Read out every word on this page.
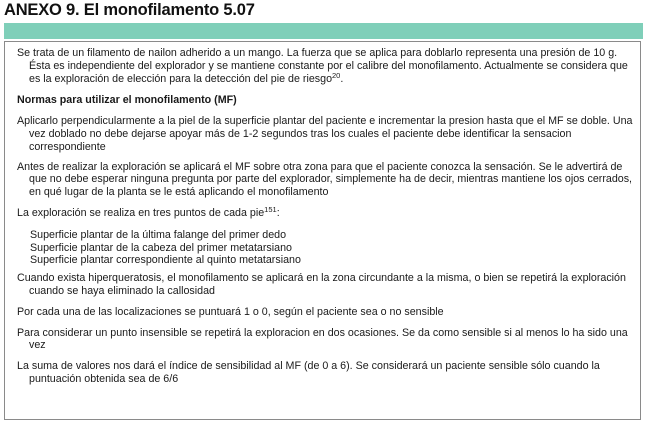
ANEXO 9. El monofilamento 5.07

Se trata de un filamento de nailon adherido a un mango. La fuerza que se aplica para doblarlo representa una presión de 10 g. Ésta es independiente del explorador y se mantiene constante por el calibre del monofilamento. Actualmente se considera que es la exploración de elección para la detección del pie de riesgo$^{20}$.

Normas para utilizar el monofilamento (MF)

Aplicarlo perpendicularmente a la piel de la superficie plantar del paciente e incrementar la presion hasta que el MF se doble. Una vez doblado no debe dejarse apoyar más de 1-2 segundos tras los cuales el paciente debe identificar la sensacion correspondiente

Antes de realizar la exploración se aplicará el MF sobre otra zona para que el paciente conozca la sensación. Se le advertirá de que no debe esperar ninguna pregunta por parte del explorador, simplemente ha de decir, mientras mantiene los ojos cerrados, en qué lugar de la planta se le está aplicando el monofilamento

La exploración se realiza en tres puntos de cada pie$^{151}$:

Superficie plantar de la última falange del primer dedo

Superficie plantar de la cabeza del primer metatarsiano

Superficie plantar correspondiente al quinto metatarsiano

Cuando exista hiperqueratosis, el monofilamento se aplicará en la zona circundante a la misma, o bien se repetirá la exploración cuando se haya eliminado la callosidad

Por cada una de las localizaciones se puntuará 1 o 0, según el paciente sea o no sensible

Para considerar un punto insensible se repetirá la exploracion en dos ocasiones. Se da como sensible si al menos lo ha sido una vez

La suma de valores nos dará el índice de sensibilidad al MF (de 0 a 6). Se considerará un paciente sensible sólo cuando la puntuación obtenida sea de 6/6
